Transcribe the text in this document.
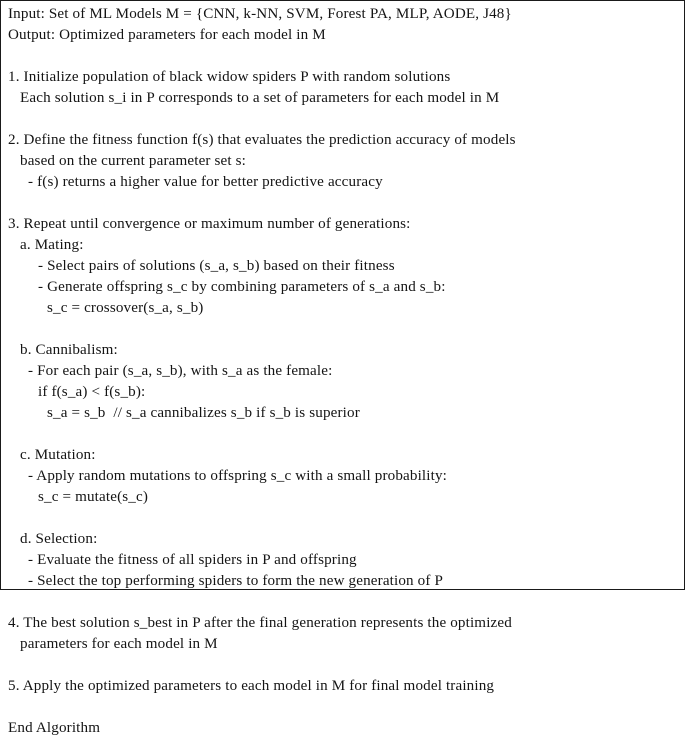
Input: Set of ML Models M = {CNN, k-NN, SVM, Forest PA, MLP, AODE, J48}
Output: Optimized parameters for each model in M
1. Initialize population of black widow spiders P with random solutions
Each solution s_i in P corresponds to a set of parameters for each model in M
2. Define the fitness function f(s) that evaluates the prediction accuracy of models
based on the current parameter set s:
- f(s) returns a higher value for better predictive accuracy
3. Repeat until convergence or maximum number of generations:
a. Mating:
- Select pairs of solutions (s_a, s_b) based on their fitness
- Generate offspring s_c by combining parameters of s_a and s_b:
s_c = crossover(s_a, s_b)
b. Cannibalism:
- For each pair (s_a, s_b), with s_a as the female:
if f(s_a) < f(s_b):
s_a = s_b  // s_a cannibalizes s_b if s_b is superior
c. Mutation:
- Apply random mutations to offspring s_c with a small probability:
s_c = mutate(s_c)
d. Selection:
- Evaluate the fitness of all spiders in P and offspring
- Select the top performing spiders to form the new generation of P
4. The best solution s_best in P after the final generation represents the optimized
parameters for each model in M
5. Apply the optimized parameters to each model in M for final model training
End Algorithm
